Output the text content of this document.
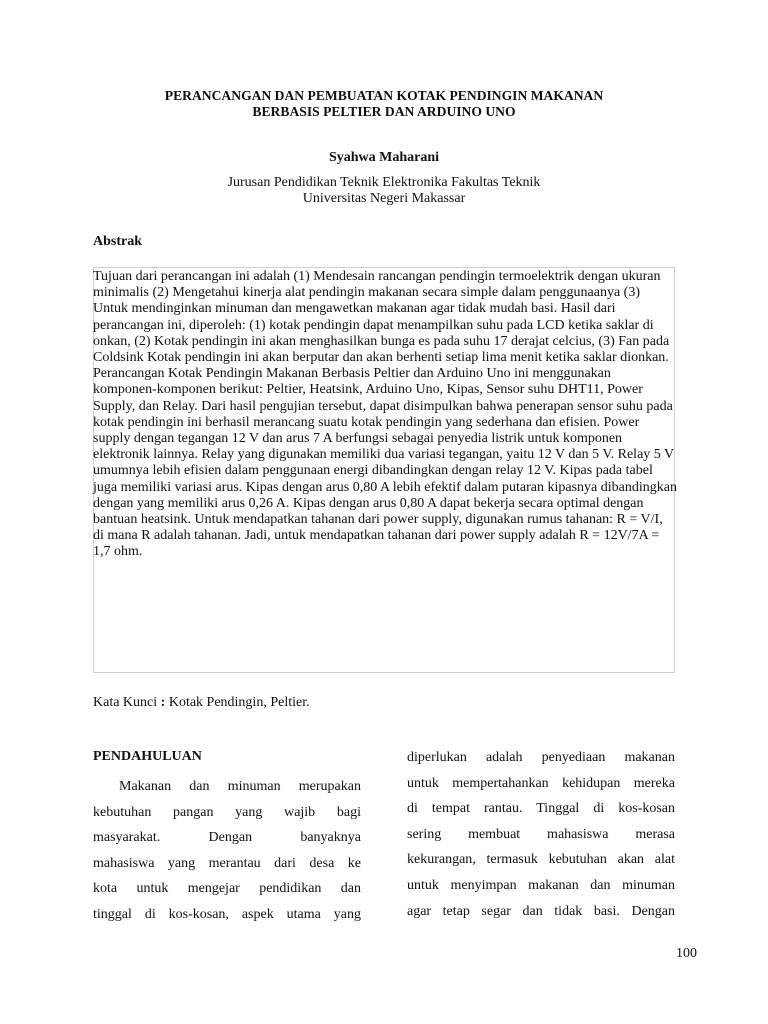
PERANCANGAN DAN PEMBUATAN KOTAK PENDINGIN MAKANAN
BERBASIS PELTIER DAN ARDUINO UNO
Syahwa Maharani
Jurusan Pendidikan Teknik Elektronika Fakultas Teknik
Universitas Negeri Makassar
Abstrak

Tujuan dari perancangan ini adalah (1) Mendesain rancangan pendingin termoelektrik dengan ukuran minimalis (2) Mengetahui kinerja alat pendingin makanan secara simple dalam penggunaanya (3) Untuk mendinginkan minuman dan mengawetkan makanan agar tidak mudah basi. Hasil dari perancangan ini, diperoleh: (1) kotak pendingin dapat menampilkan suhu pada LCD ketika saklar di onkan, (2) Kotak pendingin ini akan menghasilkan bunga es pada suhu 17 derajat celcius, (3) Fan pada Coldsink Kotak pendingin ini akan berputar dan akan berhenti setiap lima menit ketika saklar dionkan. Perancangan Kotak Pendingin Makanan Berbasis Peltier dan Arduino Uno ini menggunakan komponen-komponen berikut: Peltier, Heatsink, Arduino Uno, Kipas, Sensor suhu DHT11, Power Supply, dan Relay. Dari hasil pengujian tersebut, dapat disimpulkan bahwa penerapan sensor suhu pada kotak pendingin ini berhasil merancang suatu kotak pendingin yang sederhana dan efisien. Power supply dengan tegangan 12 V dan arus 7 A berfungsi sebagai penyedia listrik untuk komponen elektronik lainnya. Relay yang digunakan memiliki dua variasi tegangan, yaitu 12 V dan 5 V. Relay 5 V umumnya lebih efisien dalam penggunaan energi dibandingkan dengan relay 12 V. Kipas pada tabel juga memiliki variasi arus. Kipas dengan arus 0,80 A lebih efektif dalam putaran kipasnya dibandingkan dengan yang memiliki arus 0,26 A. Kipas dengan arus 0,80 A dapat bekerja secara optimal dengan bantuan heatsink. Untuk mendapatkan tahanan dari power supply, digunakan rumus tahanan: R = V/I, di mana R adalah tahanan. Jadi, untuk mendapatkan tahanan dari power supply adalah R = 12V/7A = 1,7 ohm.

Kata Kunci : Kotak Pendingin, Peltier.
PENDAHULUAN
Makanan dan minuman merupakan
kebutuhan pangan yang wajib bagi
masyarakat. Dengan banyaknya
mahasiswa yang merantau dari desa ke
kota untuk mengejar pendidikan dan
tinggal di kos-kosan, aspek utama yang
diperlukan adalah penyediaan makanan
untuk mempertahankan kehidupan mereka
di tempat rantau. Tinggal di kos-kosan
sering membuat mahasiswa merasa
kekurangan, termasuk kebutuhan akan alat
untuk menyimpan makanan dan minuman
agar tetap segar dan tidak basi. Dengan
100
